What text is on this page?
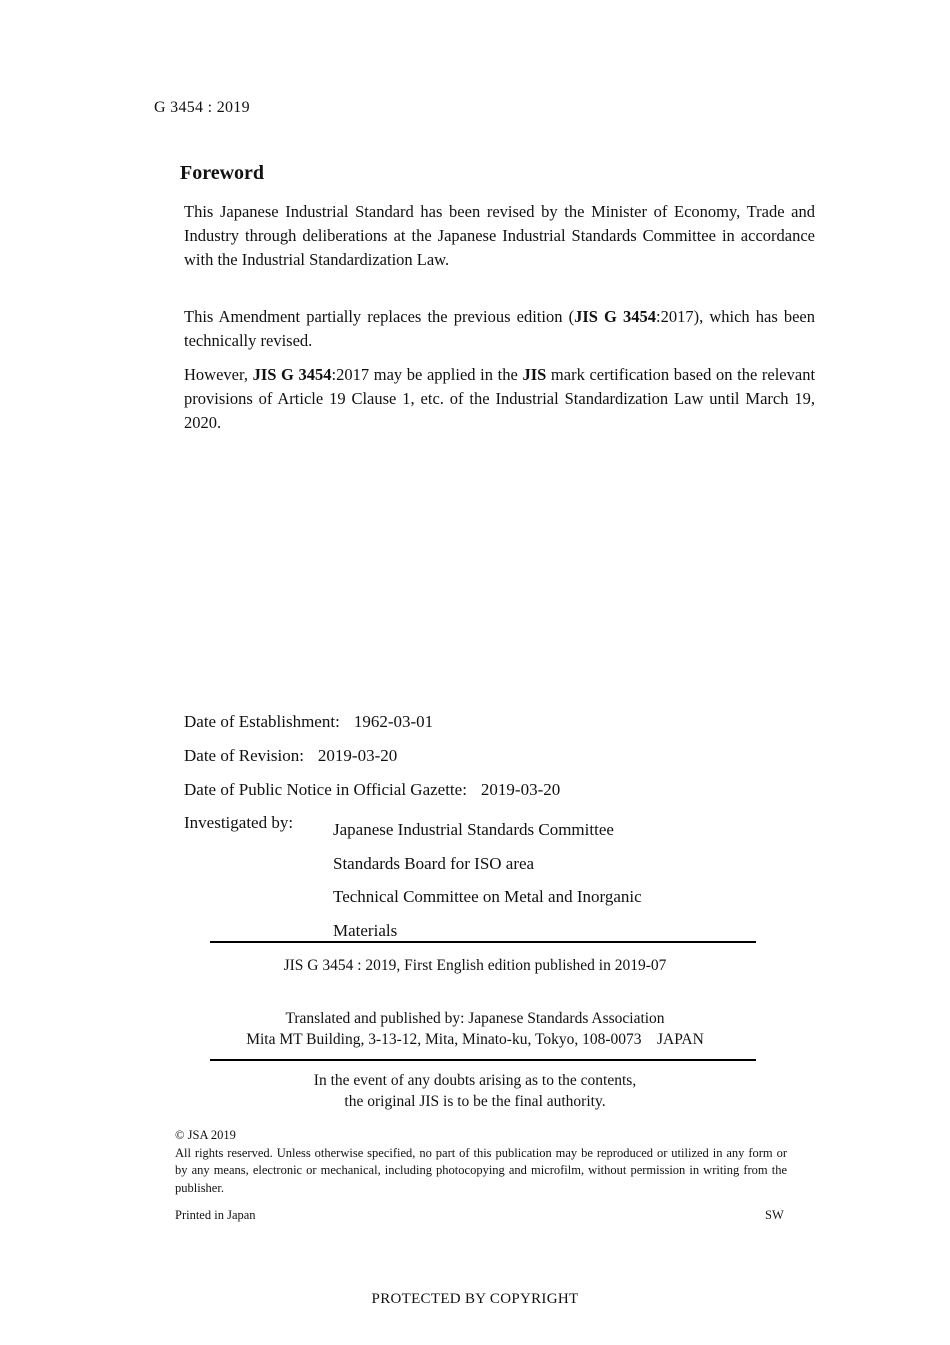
G 3454 : 2019
Foreword
This Japanese Industrial Standard has been revised by the Minister of Economy, Trade and Industry through deliberations at the Japanese Industrial Standards Committee in accordance with the Industrial Standardization Law.
This Amendment partially replaces the previous edition (JIS G 3454:2017), which has been technically revised.
However, JIS G 3454:2017 may be applied in the JIS mark certification based on the relevant provisions of Article 19 Clause 1, etc. of the Industrial Standardization Law until March 19, 2020.
Date of Establishment: 1962-03-01
Date of Revision: 2019-03-20
Date of Public Notice in Official Gazette: 2019-03-20
Investigated by: Japanese Industrial Standards Committee
Standards Board for ISO area
Technical Committee on Metal and Inorganic
Materials
JIS G 3454 : 2019, First English edition published in 2019-07
Translated and published by: Japanese Standards Association
Mita MT Building, 3-13-12, Mita, Minato-ku, Tokyo, 108-0073    JAPAN
In the event of any doubts arising as to the contents,
the original JIS is to be the final authority.
© JSA 2019
All rights reserved. Unless otherwise specified, no part of this publication may be reproduced or utilized in any form or by any means, electronic or mechanical, including photocopying and microfilm, without permission in writing from the publisher.
Printed in Japan	SW
PROTECTED BY COPYRIGHT
